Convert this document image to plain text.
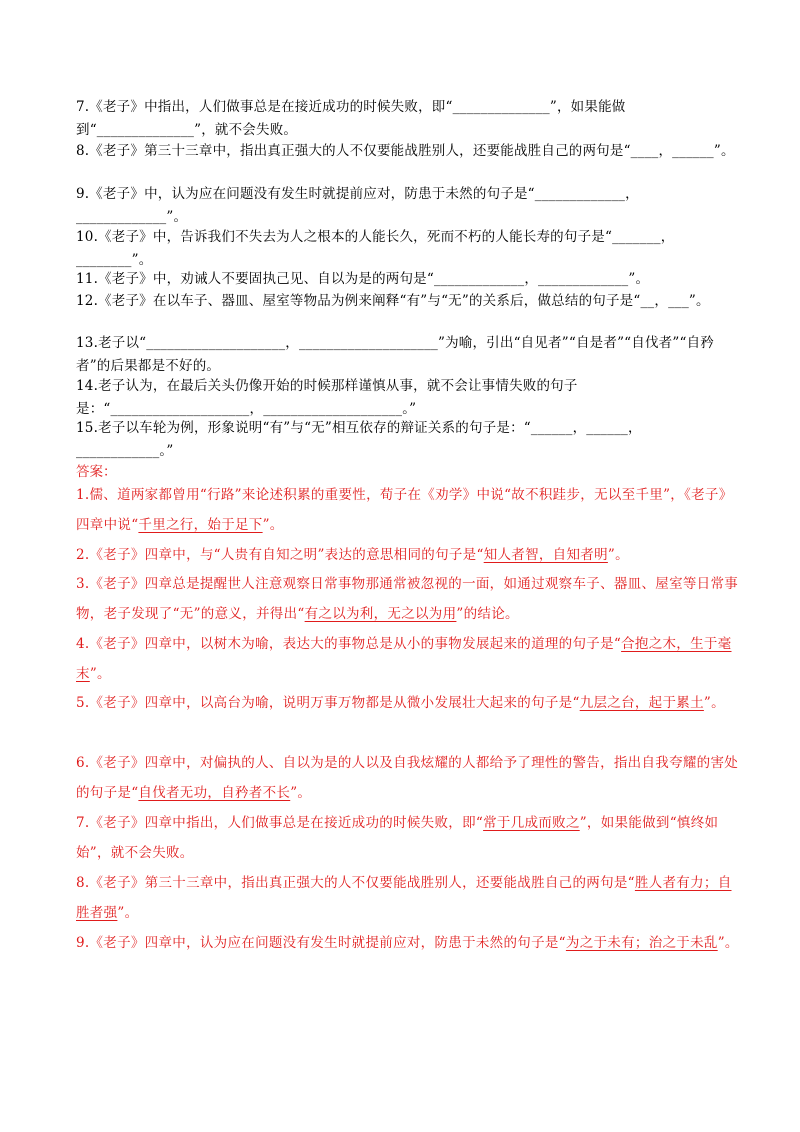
7.《老子》中指出，人们做事总是在接近成功的时候失败，即“______________”，如果能做到“______________”，就不会失败。
8.《老子》第三十三章中，指出真正强大的人不仅要能战胜别人，还要能战胜自己的两句是“____，______”。
9.《老子》中，认为应在问题没有发生时就提前应对，防患于未然的句子是“_____________，_____________”。
10.《老子》中，告诉我们不失去为人之根本的人能长久，死而不朽的人能长寿的句子是“_______，________”。
11.《老子》中，劝诫人不要固执己见、自以为是的两句是“_____________，_____________”。
12.《老子》在以车子、器皿、屋室等物品为例来阐释“有”与“无”的关系后，做总结的句子是“__，___”。
13.老子以“____________________，____________________”为喻，引出“自见者”“自是者”“自伐者”“自矜者”的后果都是不好的。
14.老子认为，在最后关头仍像开始的时候那样谨慎从事，就不会让事情失败的句子是：“____________________，____________________。”
15.老子以车轮为例，形象说明“有”与“无”相互依存的辩证关系的句子是：“______，______，____________。”
答案：
1.儒、道两家都曾用“行路”来论述积累的重要性，荀子在《劝学》中说“故不积跬步，无以至千里”，《老子》四章中说“千里之行，始于足下”。
2.《老子》四章中，与“人贵有自知之明”表达的意思相同的句子是“知人者智，自知者明”。
3.《老子》四章总是提醒世人注意观察日常事物那通常被忽视的一面，如通过观察车子、器皿、屋室等日常事物，老子发现了“无”的意义，并得出“有之以为利，无之以为用”的结论。
4.《老子》四章中，以树木为喻，表达大的事物总是从小的事物发展起来的道理的句子是“合抱之木，生于毫末”。
5.《老子》四章中，以高台为喻，说明万事万物都是从微小发展壮大起来的句子是“九层之台，起于累土”。
6.《老子》四章中，对偏执的人、自以为是的人以及自我炫耀的人都给予了理性的警告，指出自我夸耀的害处的句子是“自伐者无功，自矜者不长”。
7.《老子》四章中指出，人们做事总是在接近成功的时候失败，即“常于几成而败之”，如果能做到“慎终如始”，就不会失败。
8.《老子》第三十三章中，指出真正强大的人不仅要能战胜别人，还要能战胜自己的两句是“胜人者有力；自胜者强”。
9.《老子》四章中，认为应在问题没有发生时就提前应对，防患于未然的句子是“为之于未有；治之于未乱”。
